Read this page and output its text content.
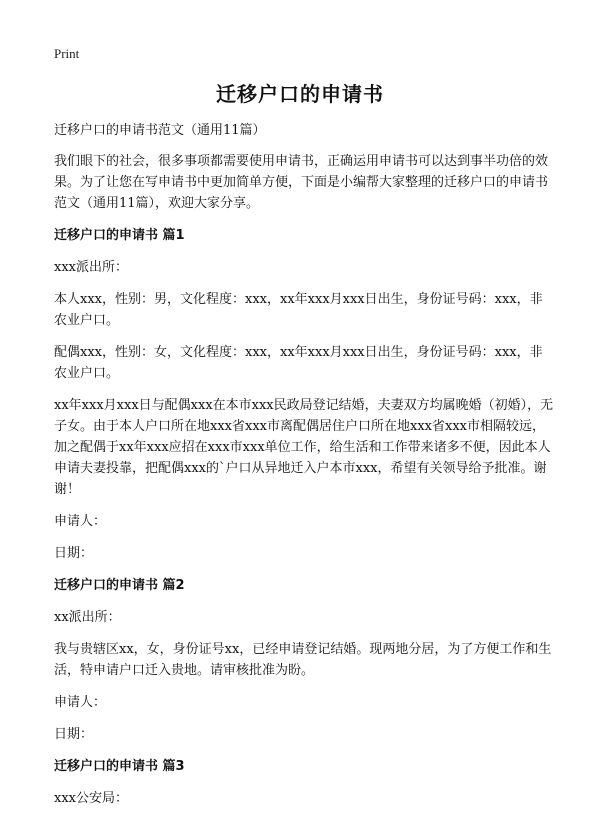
Print
迁移户口的申请书

迁移户口的申请书范文（通用11篇）

我们眼下的社会，很多事项都需要使用申请书，正确运用申请书可以达到事半功倍的效果。为了让您在写申请书中更加简单方便，下面是小编帮大家整理的迁移户口的申请书范文（通用11篇），欢迎大家分享。

迁移户口的申请书 篇1

xxx派出所：

本人xxx，性别：男，文化程度：xxx，xx年xxx月xxx日出生，身份证号码：xxx，非农业户口。

配偶xxx，性别：女，文化程度：xxx，xx年xxx月xxx日出生，身份证号码：xxx，非农业户口。

xx年xxx月xxx日与配偶xxx在本市xxx民政局登记结婚，夫妻双方均属晚婚（初婚），无子女。由于本人户口所在地xxx省xxx市离配偶居住户口所在地xxx省xxx市相隔较远，加之配偶于xx年xxx应招在xxx市xxx单位工作，给生活和工作带来诸多不便，因此本人申请夫妻投靠，把配偶xxx的`户口从异地迁入户本市xxx，希望有关领导给予批准。谢谢！

申请人：

日期：

迁移户口的申请书 篇2

xx派出所：

我与贵辖区xx，女，身份证号xx，已经申请登记结婚。现两地分居，为了方便工作和生活，特申请户口迁入贵地。请审核批准为盼。

申请人：

日期：

迁移户口的申请书 篇3

xxx公安局：
